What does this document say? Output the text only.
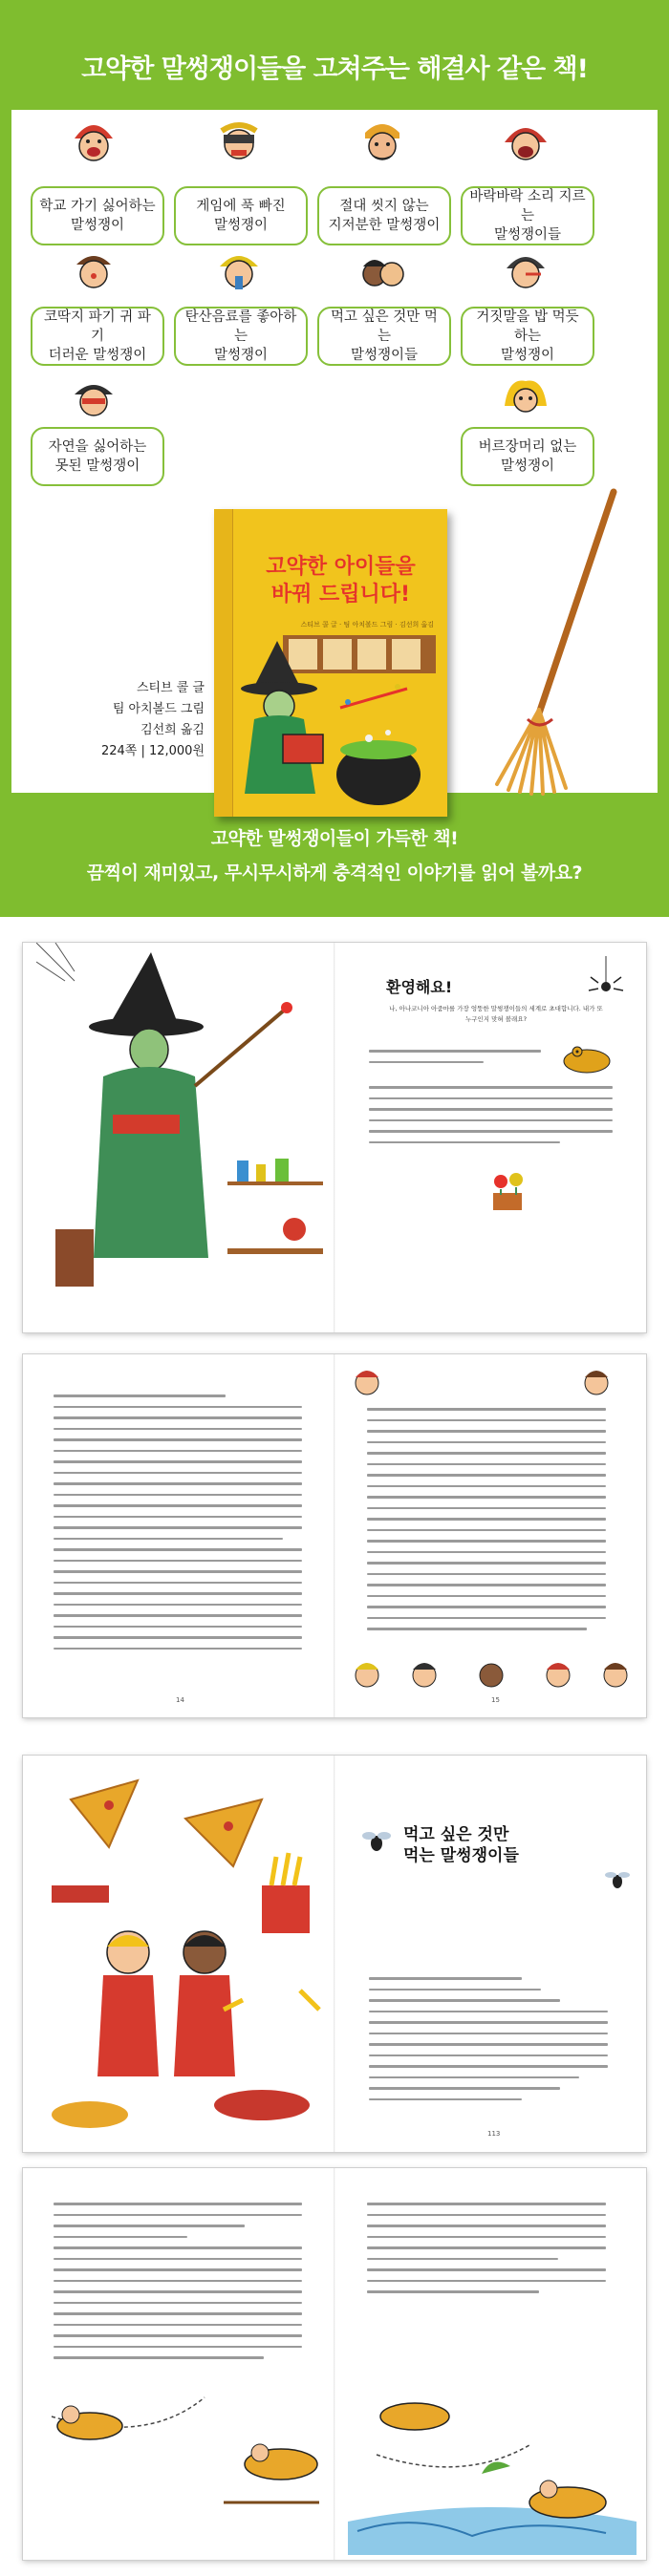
고약한 말썽쟁이들을 고쳐주는 해결사 같은 책!
학교 가기 싫어하는
말썽쟁이
게임에 푹 빠진
말썽쟁이
절대 씻지 않는
지저분한 말썽쟁이
바락바락 소리 지르는
말썽쟁이들
코딱지 파기 귀 파기
더러운 말썽쟁이
탄산음료를 좋아하는
말썽쟁이
먹고 싶은 것만 먹는
말썽쟁이들
거짓말을 밥 먹듯 하는
말썽쟁이
자연을 싫어하는
못된 말썽쟁이
버르장머리 없는
말썽쟁이
고약한 아이들을
바꿔 드립니다!
스티브 콜 글 · 팀 아치볼드 그림 · 김선희 옮김
스티브 콜 글
팀 아치볼드 그림
김선희 옮김
224쪽 | 12,000원
고약한 말썽쟁이들이 가득한 책!
끔찍이 재미있고, 무시무시하게 충격적인 이야기를 읽어 볼까요?
환영해요!
나, 아나코니아 아줌마를 가장 엉뚱한 말썽쟁이들의 세계로 초대합니다. 내가 또 누구인지 맞혀 볼래요?
14	15
먹고 싶은 것만
먹는 말썽쟁이들
113
